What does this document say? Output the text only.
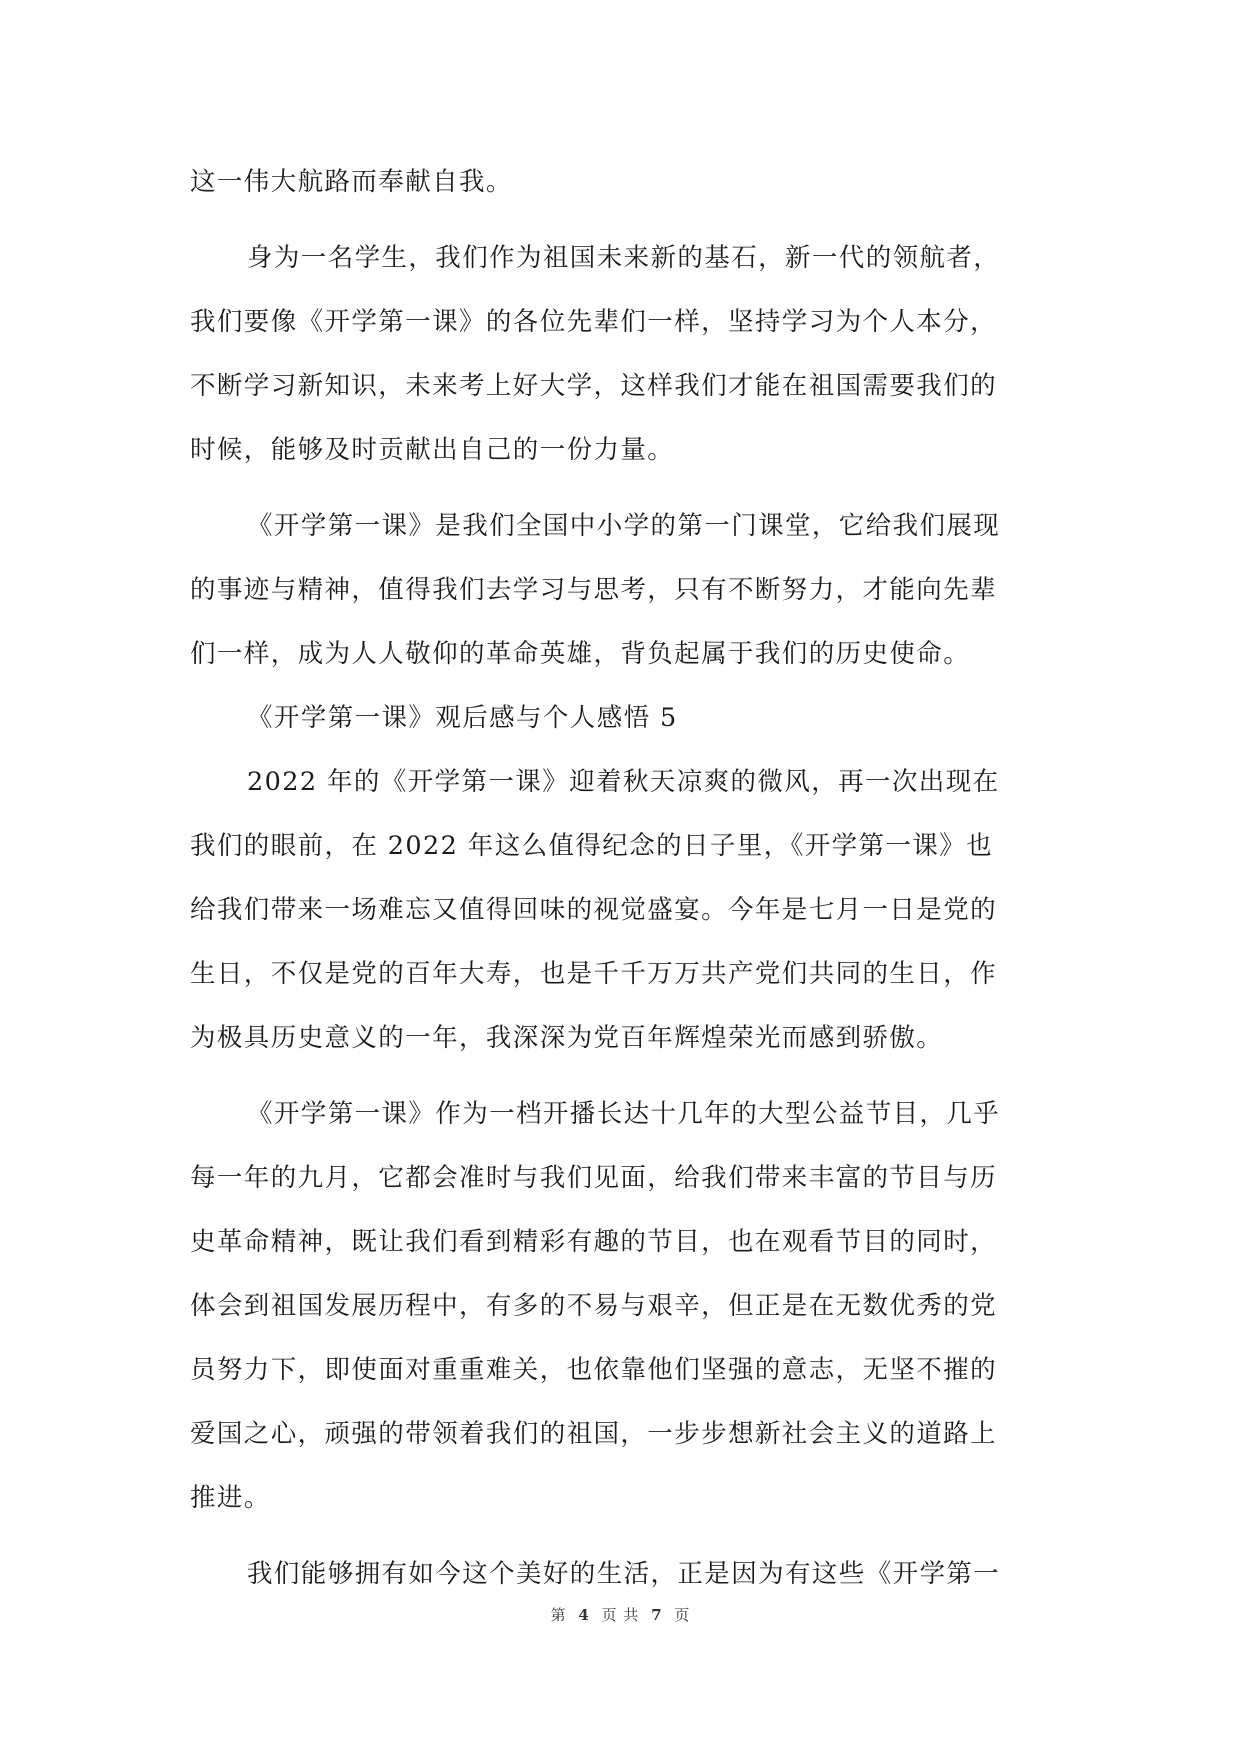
这一伟大航路而奉献自我。
身为一名学生，我们作为祖国未来新的基石，新一代的领航者，
我们要像《开学第一课》的各位先辈们一样，坚持学习为个人本分，
不断学习新知识，未来考上好大学，这样我们才能在祖国需要我们的
时候，能够及时贡献出自己的一份力量。
《开学第一课》是我们全国中小学的第一门课堂，它给我们展现
的事迹与精神，值得我们去学习与思考，只有不断努力，才能向先辈
们一样，成为人人敬仰的革命英雄，背负起属于我们的历史使命。
《开学第一课》观后感与个人感悟 5
2022 年的《开学第一课》迎着秋天凉爽的微风，再一次出现在
我们的眼前，在 2022 年这么值得纪念的日子里，《开学第一课》也
给我们带来一场难忘又值得回味的视觉盛宴。今年是七月一日是党的
生日，不仅是党的百年大寿，也是千千万万共产党们共同的生日，作
为极具历史意义的一年，我深深为党百年辉煌荣光而感到骄傲。
《开学第一课》作为一档开播长达十几年的大型公益节目，几乎
每一年的九月，它都会准时与我们见面，给我们带来丰富的节目与历
史革命精神，既让我们看到精彩有趣的节目，也在观看节目的同时，
体会到祖国发展历程中，有多的不易与艰辛，但正是在无数优秀的党
员努力下，即使面对重重难关，也依靠他们坚强的意志，无坚不摧的
爱国之心，顽强的带领着我们的祖国，一步步想新社会主义的道路上
推进。
我们能够拥有如今这个美好的生活，正是因为有这些《开学第一
第 4 页 共 7 页
